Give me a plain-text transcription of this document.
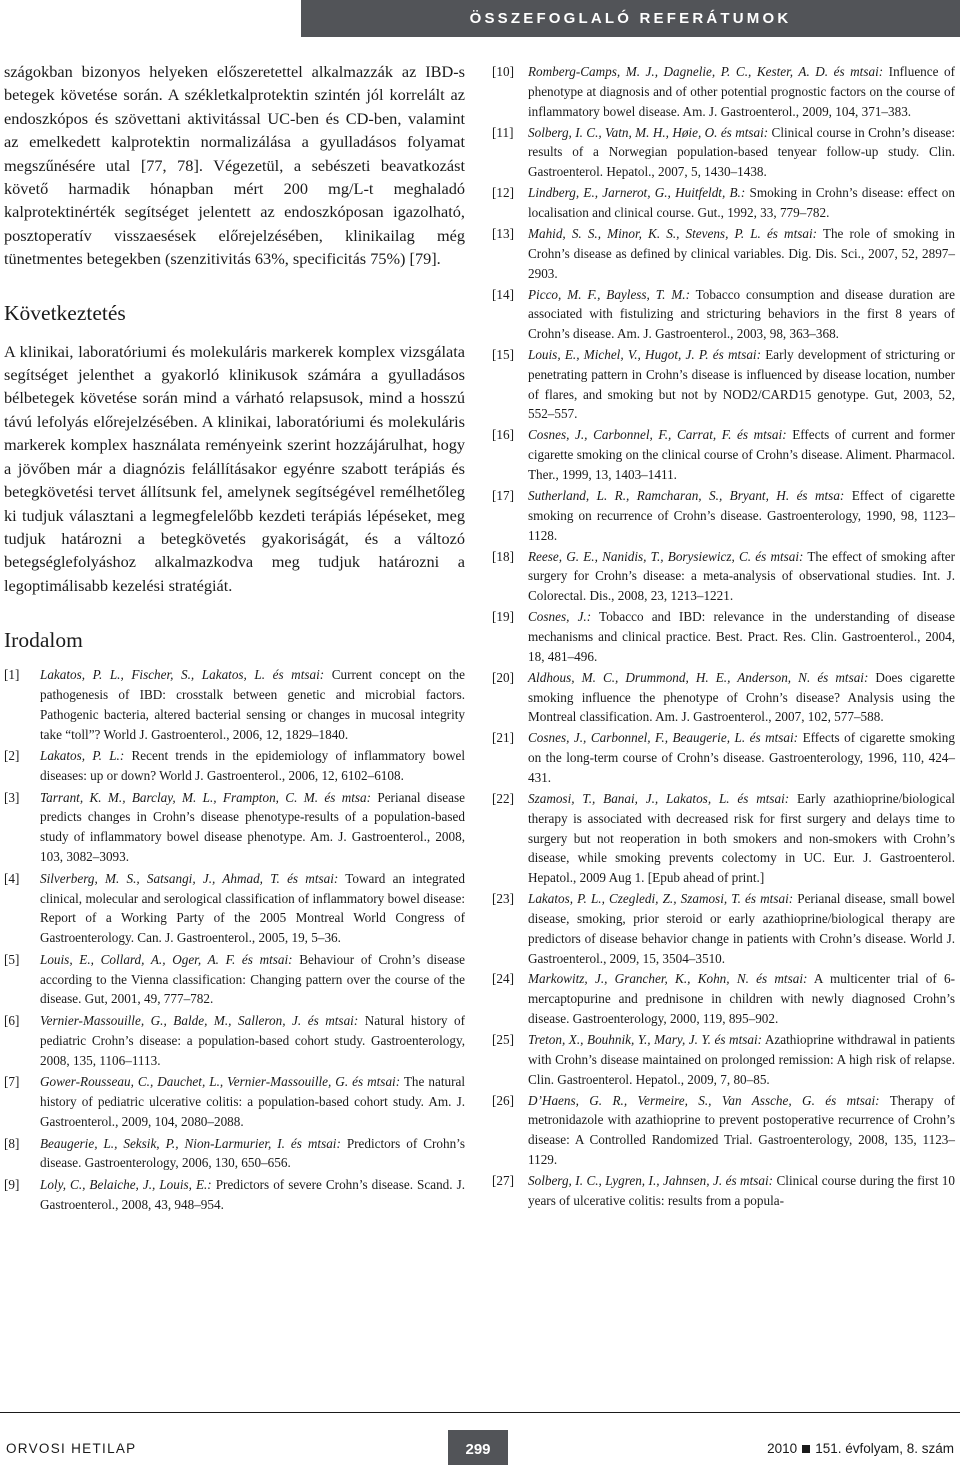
ÖSSZEFOGLALÓ REFERÁTUMOK

szágokban bizonyos helyeken előszeretettel alkalmazzák az IBD-s betegek követése során. A székletkalprotektin szintén jól korrelált az endoszkópos és szövettani aktivitással UC-ben és CD-ben, valamint az emelkedett kalprotektin normalizálása a gyulladásos folyamat megszűnésére utal [77, 78]. Végezetül, a sebészeti beavatkozást követő harmadik hónapban mért 200 mg/L-t meghaladó kalprotektinérték segítséget jelentett az endoszkóposan igazolható, posztoperatív visszaesések előrejelzésében, klinikailag még tünetmentes betegekben (szenzitivitás 63%, specificitás 75%) [79].

Következtetés

A klinikai, laboratóriumi és molekuláris markerek komplex vizsgálata segítséget jelenthet a gyakorló klinikusok számára a gyulladásos bélbetegek követése során mind a várható relapsusok, mind a hosszú távú lefolyás előrejelzésében. A klinikai, laboratóriumi és molekuláris markerek komplex használata reményeink szerint hozzájárulhat, hogy a jövőben már a diagnózis felállításakor egyénre szabott terápiás és betegkövetési tervet állítsunk fel, amelynek segítségével remélhetőleg ki tudjuk választani a legmegfelelőbb kezdeti terápiás lépéseket, meg tudjuk határozni a betegkövetés gyakoriságát, és a változó betegséglefolyáshoz alkalmazkodva meg tudjuk határozni a legoptimálisabb kezelési stratégiát.

Irodalom
[1] Lakatos, P. L., Fischer, S., Lakatos, L. és mtsai: Current concept on the pathogenesis of IBD: crosstalk between genetic and microbial factors. Pathogenic bacteria, altered bacterial sensing or changes in mucosal integrity take “toll”? World J. Gastroenterol., 2006, 12, 1829–1840.
[2] Lakatos, P. L.: Recent trends in the epidemiology of inflammatory bowel diseases: up or down? World J. Gastroenterol., 2006, 12, 6102–6108.
[3] Tarrant, K. M., Barclay, M. L., Frampton, C. M. és mtsa: Perianal disease predicts changes in Crohn’s disease phenotype-results of a population-based study of inflammatory bowel disease phenotype. Am. J. Gastroenterol., 2008, 103, 3082–3093.
[4] Silverberg, M. S., Satsangi, J., Ahmad, T. és mtsai: Toward an integrated clinical, molecular and serological classification of inflammatory bowel disease: Report of a Working Party of the 2005 Montreal World Congress of Gastroenterology. Can. J. Gastroenterol., 2005, 19, 5–36.
[5] Louis, E., Collard, A., Oger, A. F. és mtsai: Behaviour of Crohn’s disease according to the Vienna classification: Changing pattern over the course of the disease. Gut, 2001, 49, 777–782.
[6] Vernier-Massouille, G., Balde, M., Salleron, J. és mtsai: Natural history of pediatric Crohn’s disease: a population-based cohort study. Gastroenterology, 2008, 135, 1106–1113.
[7] Gower-Rousseau, C., Dauchet, L., Vernier-Massouille, G. és mtsai: The natural history of pediatric ulcerative colitis: a population-based cohort study. Am. J. Gastroenterol., 2009, 104, 2080–2088.
[8] Beaugerie, L., Seksik, P., Nion-Larmurier, I. és mtsai: Predictors of Crohn’s disease. Gastroenterology, 2006, 130, 650–656.
[9] Loly, C., Belaiche, J., Louis, E.: Predictors of severe Crohn’s disease. Scand. J. Gastroenterol., 2008, 43, 948–954.
[10] Romberg-Camps, M. J., Dagnelie, P. C., Kester, A. D. és mtsai: Influence of phenotype at diagnosis and of other potential prognostic factors on the course of inflammatory bowel disease. Am. J. Gastroenterol., 2009, 104, 371–383.
[11] Solberg, I. C., Vatn, M. H., Høie, O. és mtsai: Clinical course in Crohn’s disease: results of a Norwegian population-based tenyear follow-up study. Clin. Gastroenterol. Hepatol., 2007, 5, 1430–1438.
[12] Lindberg, E., Jarnerot, G., Huitfeldt, B.: Smoking in Crohn’s disease: effect on localisation and clinical course. Gut., 1992, 33, 779–782.
[13] Mahid, S. S., Minor, K. S., Stevens, P. L. és mtsai: The role of smoking in Crohn’s disease as defined by clinical variables. Dig. Dis. Sci., 2007, 52, 2897–2903.
[14] Picco, M. F., Bayless, T. M.: Tobacco consumption and disease duration are associated with fistulizing and stricturing behaviors in the first 8 years of Crohn’s disease. Am. J. Gastroenterol., 2003, 98, 363–368.
[15] Louis, E., Michel, V., Hugot, J. P. és mtsai: Early development of stricturing or penetrating pattern in Crohn’s disease is influenced by disease location, number of flares, and smoking but not by NOD2/CARD15 genotype. Gut, 2003, 52, 552–557.
[16] Cosnes, J., Carbonnel, F., Carrat, F. és mtsai: Effects of current and former cigarette smoking on the clinical course of Crohn’s disease. Aliment. Pharmacol. Ther., 1999, 13, 1403–1411.
[17] Sutherland, L. R., Ramcharan, S., Bryant, H. és mtsa: Effect of cigarette smoking on recurrence of Crohn’s disease. Gastroenterology, 1990, 98, 1123–1128.
[18] Reese, G. E., Nanidis, T., Borysiewicz, C. és mtsai: The effect of smoking after surgery for Crohn’s disease: a meta-analysis of observational studies. Int. J. Colorectal. Dis., 2008, 23, 1213–1221.
[19] Cosnes, J.: Tobacco and IBD: relevance in the understanding of disease mechanisms and clinical practice. Best. Pract. Res. Clin. Gastroenterol., 2004, 18, 481–496.
[20] Aldhous, M. C., Drummond, H. E., Anderson, N. és mtsai: Does cigarette smoking influence the phenotype of Crohn’s disease? Analysis using the Montreal classification. Am. J. Gastroenterol., 2007, 102, 577–588.
[21] Cosnes, J., Carbonnel, F., Beaugerie, L. és mtsai: Effects of cigarette smoking on the long-term course of Crohn’s disease. Gastroenterology, 1996, 110, 424–431.
[22] Szamosi, T., Banai, J., Lakatos, L. és mtsai: Early azathioprine/biological therapy is associated with decreased risk for first surgery and delays time to surgery but not reoperation in both smokers and non-smokers with Crohn’s disease, while smoking prevents colectomy in UC. Eur. J. Gastroenterol. Hepatol., 2009 Aug 1. [Epub ahead of print.]
[23] Lakatos, P. L., Czegledi, Z., Szamosi, T. és mtsai: Perianal disease, small bowel disease, smoking, prior steroid or early azathioprine/biological therapy are predictors of disease behavior change in patients with Crohn’s disease. World J. Gastroenterol., 2009, 15, 3504–3510.
[24] Markowitz, J., Grancher, K., Kohn, N. és mtsai: A multicenter trial of 6-mercaptopurine and prednisone in children with newly diagnosed Crohn’s disease. Gastroenterology, 2000, 119, 895–902.
[25] Treton, X., Bouhnik, Y., Mary, J. Y. és mtsai: Azathioprine withdrawal in patients with Crohn’s disease maintained on prolonged remission: A high risk of relapse. Clin. Gastroenterol. Hepatol., 2009, 7, 80–85.
[26] D’Haens, G. R., Vermeire, S., Van Assche, G. és mtsai: Therapy of metronidazole with azathioprine to prevent postoperative recurrence of Crohn’s disease: A Controlled Randomized Trial. Gastroenterology, 2008, 135, 1123–1129.
[27] Solberg, I. C., Lygren, I., Jahnsen, J. és mtsai: Clinical course during the first 10 years of ulcerative colitis: results from a popula-
ORVOSI HETILAP	299	2010 151. évfolyam, 8. szám
